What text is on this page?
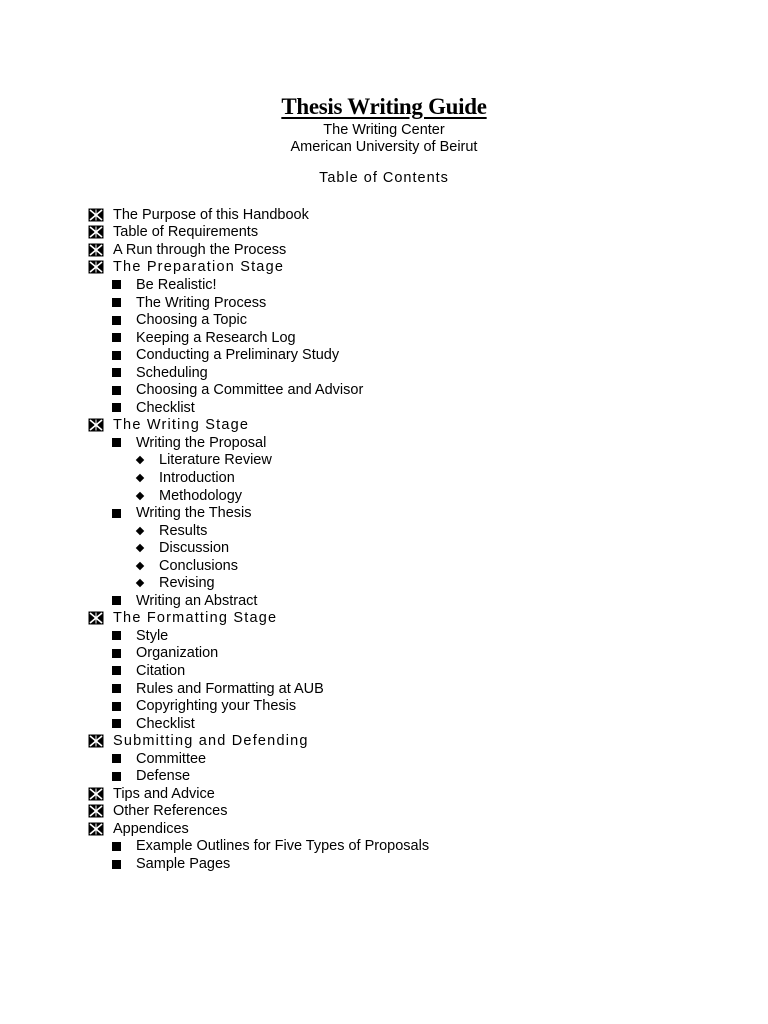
Thesis Writing Guide

The Writing Center

American University of Beirut

Table of Contents
The Purpose of this Handbook
Table of Requirements
A Run through the Process
The Preparation Stage
Be Realistic!
The Writing Process
Choosing a Topic
Keeping a Research Log
Conducting a Preliminary Study
Scheduling
Choosing a Committee and Advisor
Checklist
The Writing Stage
Writing the Proposal
Literature Review
Introduction
Methodology
Writing the Thesis
Results
Discussion
Conclusions
Revising
Writing an Abstract
The Formatting Stage
Style
Organization
Citation
Rules and Formatting at AUB
Copyrighting your Thesis
Checklist
Submitting and Defending
Committee
Defense
Tips and Advice
Other References
Appendices
Example Outlines for Five Types of Proposals
Sample Pages
